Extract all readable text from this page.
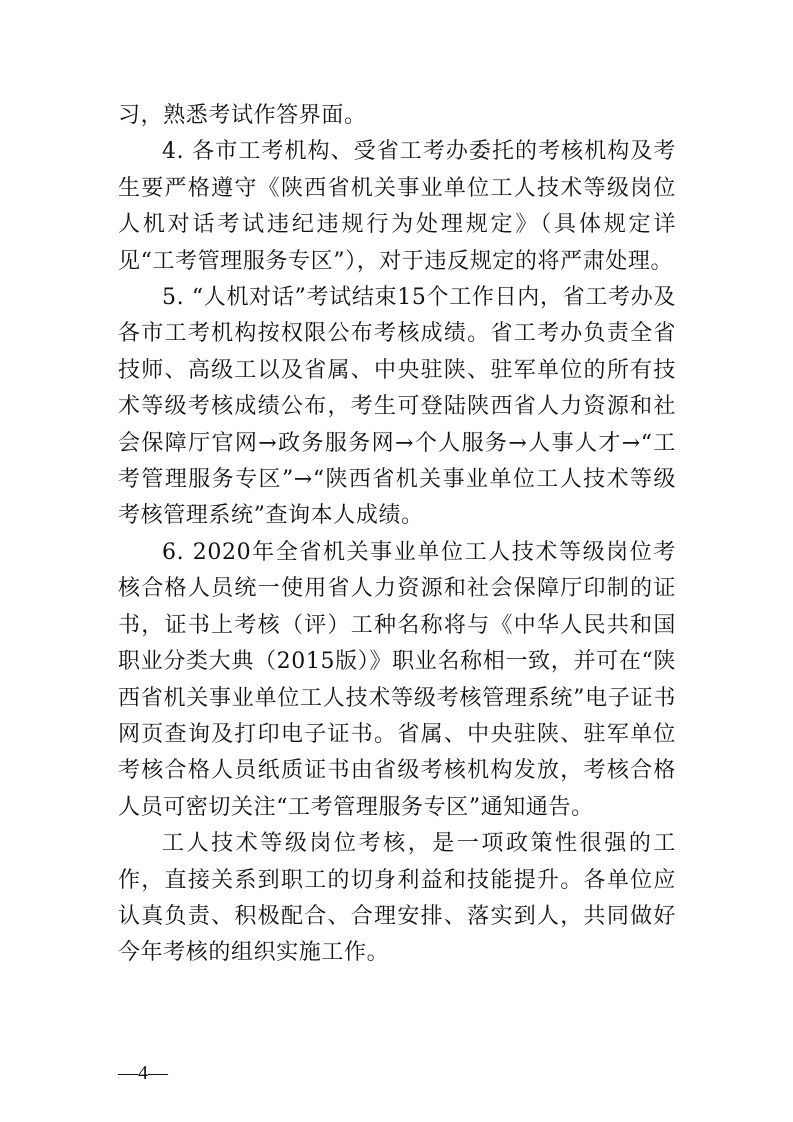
习，熟悉考试作答界面。

4. 各市工考机构、受省工考办委托的考核机构及考生要严格遵守《陕西省机关事业单位工人技术等级岗位人机对话考试违纪违规行为处理规定》（具体规定详见“工考管理服务专区”），对于违反规定的将严肃处理。

5. “人机对话”考试结束15个工作日内，省工考办及各市工考机构按权限公布考核成绩。省工考办负责全省技师、高级工以及省属、中央驻陕、驻军单位的所有技术等级考核成绩公布，考生可登陆陕西省人力资源和社会保障厅官网→政务服务网→个人服务→人事人才→“工考管理服务专区”→“陕西省机关事业单位工人技术等级考核管理系统”查询本人成绩。

6. 2020年全省机关事业单位工人技术等级岗位考核合格人员统一使用省人力资源和社会保障厅印制的证书，证书上考核（评）工种名称将与《中华人民共和国职业分类大典（2015版）》职业名称相一致，并可在“陕西省机关事业单位工人技术等级考核管理系统”电子证书网页查询及打印电子证书。省属、中央驻陕、驻军单位考核合格人员纸质证书由省级考核机构发放，考核合格人员可密切关注“工考管理服务专区”通知通告。

工人技术等级岗位考核，是一项政策性很强的工作，直接关系到职工的切身利益和技能提升。各单位应认真负责、积极配合、合理安排、落实到人，共同做好今年考核的组织实施工作。

—4—
